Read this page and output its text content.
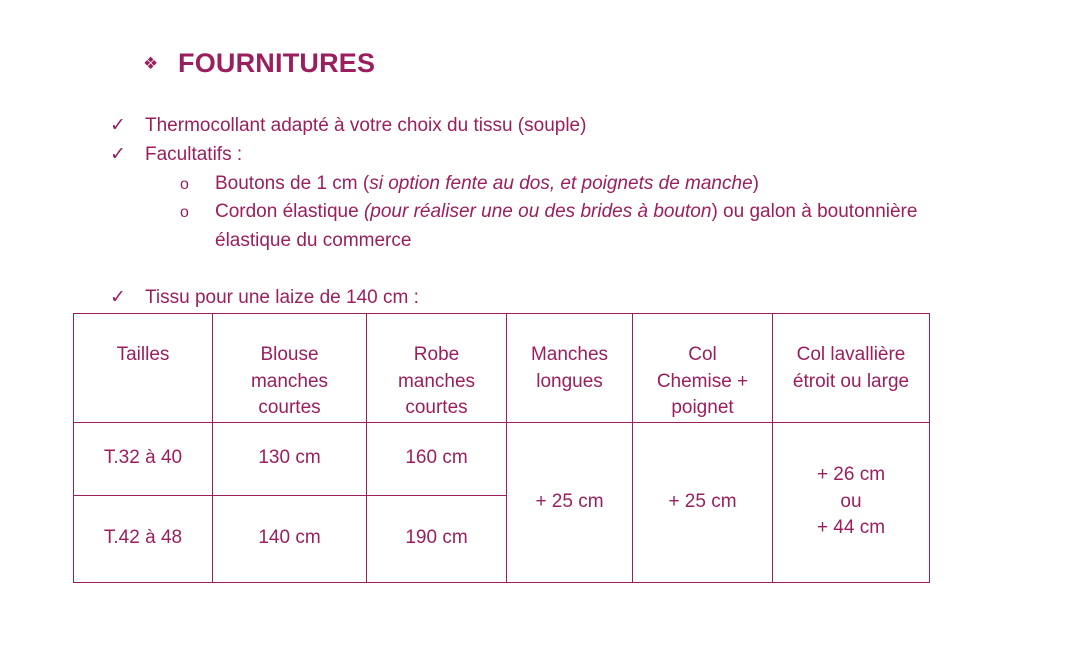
❖ FOURNITURES
✓ Thermocollant adapté à votre choix du tissu (souple)
✓ Facultatifs :
o Boutons de 1 cm (si option fente au dos, et poignets de manche)
o Cordon élastique (pour réaliser une ou des brides à bouton) ou galon à boutonnière
élastique du commerce
✓ Tissu pour une laize de 140 cm :
Tailles	Blouse
manches
courtes	Robe
manches
courtes	Manches
longues	Col
Chemise +
poignet	Col lavallière
étroit ou large
T.32 à 40	130 cm	160 cm	+ 25 cm	+ 25 cm	+ 26 cm
ou
+ 44 cm
T.42 à 48	140 cm	190 cm			
